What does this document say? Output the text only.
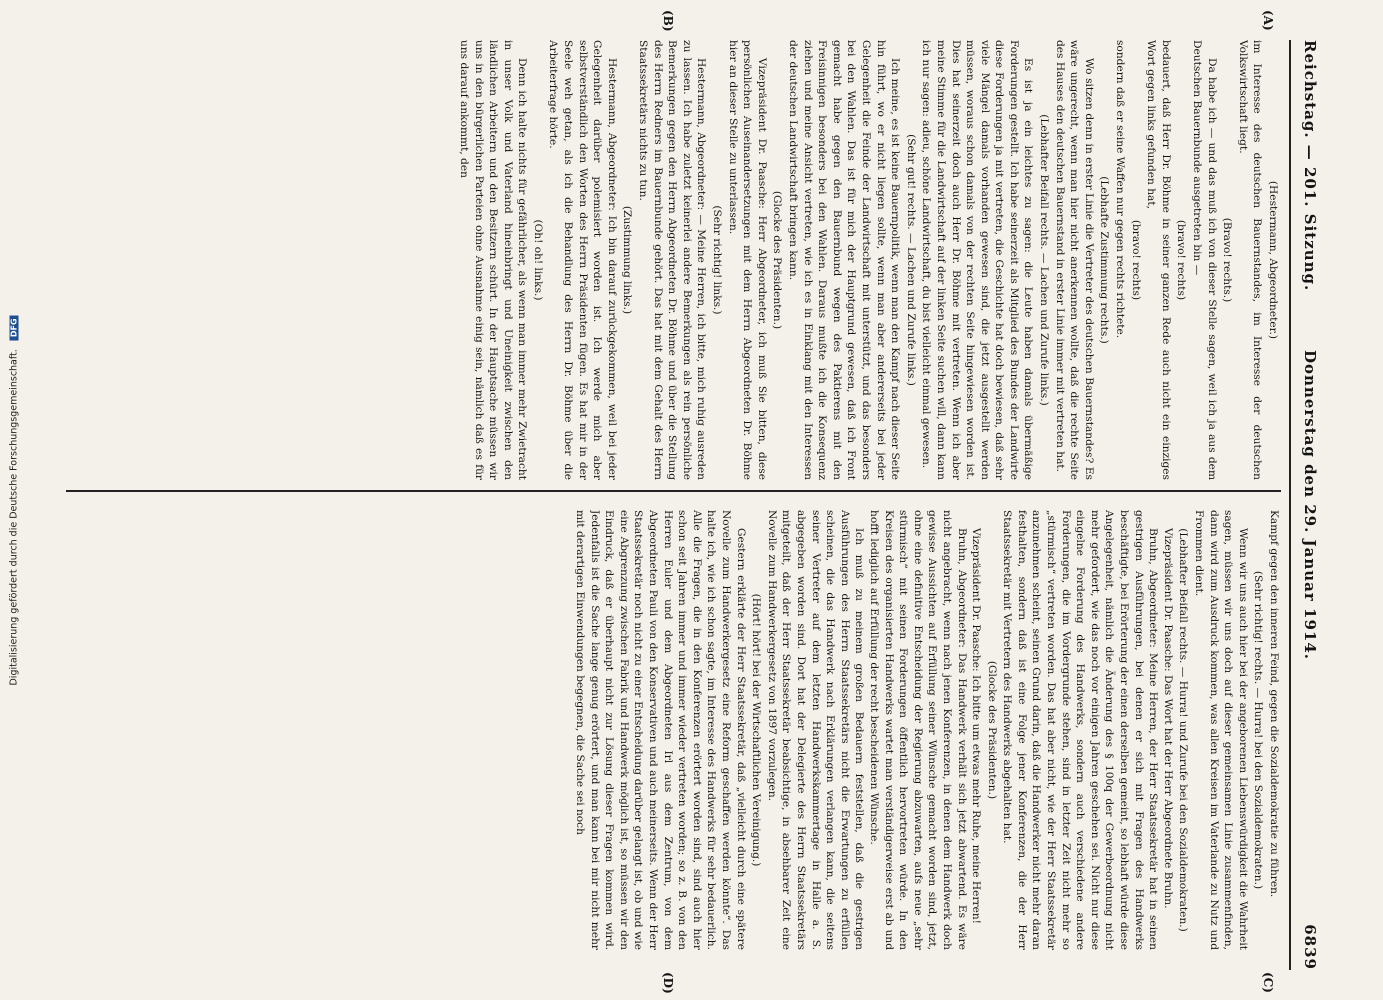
Reichstag. — 201. Sitzung.
Donnerstag den 29. Januar 1914.
6839
(A)
(B)
(C)
(D)

(Hestermann, Abgeordneter.)

im Interesse des deutschen Bauernstandes, im Interesse der deutschen Volkswirtschaft liegt.

(Bravo! rechts.)

Da habe ich — und das muß ich von dieser Stelle sagen, weil ich ja aus dem Deutschen Bauernbunde ausgetreten bin —

(bravo! rechts)

bedauert, daß Herr Dr. Böhme in seiner ganzen Rede auch nicht ein einziges Wort gegen links gefunden hat,

(bravo! rechts)

sondern daß er seine Waffen nur gegen rechts richtete.

(Lebhafte Zustimmung rechts.)

Wo sitzen denn in erster Linie die Vertreter des deutschen Bauernstandes? Es wäre ungerecht, wenn man hier nicht anerkennen wollte, daß die rechte Seite des Hauses den deutschen Bauernstand in erster Linie immer mit vertreten hat.

(Lebhafter Beifall rechts. — Lachen und Zurufe links.)

Es ist ja ein leichtes zu sagen: die Leute haben damals übermäßige Forderungen gestellt. Ich habe seinerzeit als Mitglied des Bundes der Landwirte diese Forderungen ja mit vertreten, die Geschichte hat doch bewiesen, daß sehr viele Mängel damals vorhanden gewesen sind, die jetzt ausgestellt werden müssen, woraus schon damals von der rechten Seite hingewiesen worden ist. Dies hat seinerzeit doch auch Herr Dr. Böhme mit vertreten. Wenn ich aber meine Stimme für die Landwirtschaft auf der linken Seite suchen will, dann kann ich nur sagen: adieu, schöne Landwirtschaft, du bist vielleicht einmal gewesen.

(Sehr gut! rechts. — Lachen und Zurufe links.)

Ich meine, es ist keine Bauernpolitik, wenn man den Kampf nach dieser Seite hin führt, wo er nicht liegen sollte, wenn man aber andererseits bei jeder Gelegenheit die Feinde der Landwirtschaft mit unterstützt, und das besonders bei den Wahlen. Das ist für mich der Hauptgrund gewesen, daß ich Front gemacht habe gegen den Bauernbund wegen des Paktierens mit den Freisinnigen besonders bei den Wahlen. Daraus mußte ich die Konsequenz ziehen und meine Ansicht vertreten, wie ich es in Einklang mit den Interessen der deutschen Landwirtschaft bringen kann.

(Glocke des Präsidenten.)

Vizepräsident Dr. Paasche: Herr Abgeordneter, ich muß Sie bitten, diese persönlichen Auseinandersetzungen mit dem Herrn Abgeordneten Dr. Böhme hier an dieser Stelle zu unterlassen.

(Sehr richtig! links.)

Hestermann, Abgeordneter: — Meine Herren, ich bitte, mich ruhig ausreden zu lassen. Ich habe zuletzt keinerlei andere Bemerkungen als rein persönliche Bemerkungen gegen den Herrn Abgeordneten Dr. Böhme und über die Stellung des Herrn Redners im Bauernbunde gehört. Das hat mit dem Gehalt des Herrn Staatssekretärs nichts zu tun.

(Zustimmung links.)

Hestermann, Abgeordneter: Ich bin darauf zurückgekommen, weil bei jeder Gelegenheit darüber polemisiert worden ist. Ich werde mich aber selbstverständlich den Worten des Herrn Präsidenten fügen. Es hat mir in der Seele weh getan, als ich die Behandlung des Herrn Dr. Böhme über die Arbeiterfrage hörte.

(Oh! oh! links.)

Denn ich halte nichts für gefährlicher, als wenn man immer mehr Zwietracht in unser Volk und Vaterland hineinbringt und Uneinigkeit zwischen den ländlichen Arbeitern und den Besitzern schürt. In der Hauptsache müssen wir uns in den bürgerlichen Parteien ohne Ausnahme einig sein, nämlich daß es für uns darauf ankommt, den

Kampf gegen den inneren Feind, gegen die Sozialdemokratie zu führen.

(Sehr richtig! rechts. — Hurra! bei den Sozialdemokraten.)

Wenn wir uns auch hier bei der angeborenen Liebenswürdigkeit die Wahrheit sagen, müssen wir uns doch auf dieser gemeinsamen Linie zusammenfinden, dann wird zum Ausdruck kommen, was allen Kreisen im Vaterlande zu Nutz und Frommen dient.

(Lebhafter Beifall rechts. — Hurra! und Zurufe bei den Sozialdemokraten.)

Vizepräsident Dr. Paasche: Das Wort hat der Herr Abgeordnete Bruhn.

Bruhn, Abgeordneter: Meine Herren, der Herr Staatssekretär hat in seinen gestrigen Ausführungen, bei denen er sich mit Fragen des Handwerks beschäftigte, bei Erörterung der einen derselben gemeint, so lebhaft würde diese Angelegenheit, nämlich die Änderung des § 100q der Gewerbeordnung nicht mehr gefordert, wie das noch vor einigen Jahren geschehen sei. Nicht nur diese eingelne Forderung des Handwerks, sondern auch verschiedene andere Forderungen, die im Vordergrunde stehen, sind in letzter Zeit nicht mehr so „stürmisch“ vertreten worden. Das hat aber nicht, wie der Herr Staatssekretär anzunehmen scheint, seinen Grund darin, daß die Handwerker nicht mehr daran festhalten, sondern daß ist eine Folge jener Konferenzen, die der Herr Staatssekretär mit Vertretern des Handwerks abgehalten hat.

(Glocke des Präsidenten.)

Vizepräsident Dr. Paasche: Ich bitte um etwas mehr Ruhe, meine Herren!

Bruhn, Abgeordneter: Das Handwerk verhält sich jetzt abwartend. Es wäre nicht angebracht, wenn nach jenen Konferenzen, in denen dem Handwerk doch gewisse Aussichten auf Erfüllung seiner Wünsche gemacht worden sind, jetzt, ohne eine definitive Entscheidung der Regierung abzuwarten, aufs neue „sehr stürmisch“ mit seinen Forderungen öffentlich hervortreten würde. In den Kreisen des organisierten Handwerks wartet man verständigerweise erst ab und hofft lediglich auf Erfüllung der recht bescheidenen Wünsche.

Ich muß zu meinem großen Bedauern feststellen, daß die gestrigen Ausführungen des Herrn Staatssekretärs nicht die Erwartungen zu erfüllen scheinen, die das Handwerk nach Erklärungen verlangen kann, die seitens seiner Vertreter auf dem letzten Handwerkskammertage in Halle a. S. abgegeben worden sind. Dort hat der Delegierte des Herrn Staatssekretärs mitgeteilt, daß der Herr Staatssekretär beabsichtige, in absehbarer Zeit eine Novelle zum Handwerkergesetz von 1897 vorzulegen.

(Hört! hört! bei der Wirtschaftlichen Vereinigung.)

Gestern erklärte der Herr Staatssekretär, daß „vielleicht durch eine spätere Novelle zum Handwerkergesetz eine Reform geschaffen werden könnte“. Das halte ich, wie ich schon sagte, im Interesse des Handwerks für sehr bedauerlich. Alle die Fragen, die in den Konferenzen erörtert worden sind, sind auch hier schon seit Jahren immer und immer wieder vertreten worden; so z. B. von den Herren Euler und dem Abgeordneten Irl aus dem Zentrum, von dem Abgeordneten Pauli von den Konservativen und auch meinerseits. Wenn der Herr Staatssekretär noch nicht zu einer Entscheidung darüber gelangt ist, ob und wie eine Abgrenzung zwischen Fabrik und Handwerk möglich ist, so müssen wir den Eindruck, daß er überhaupt nicht zur Lösung dieser Fragen kommen wird. Jedenfalls ist die Sache lange genug erörtert, und man kann bei mir nicht mehr mit derartigen Einwendungen begegnen, die Sache sei noch

Digitalisierung gefördert durch die Deutsche Forschungsgemeinschaft. DFG
